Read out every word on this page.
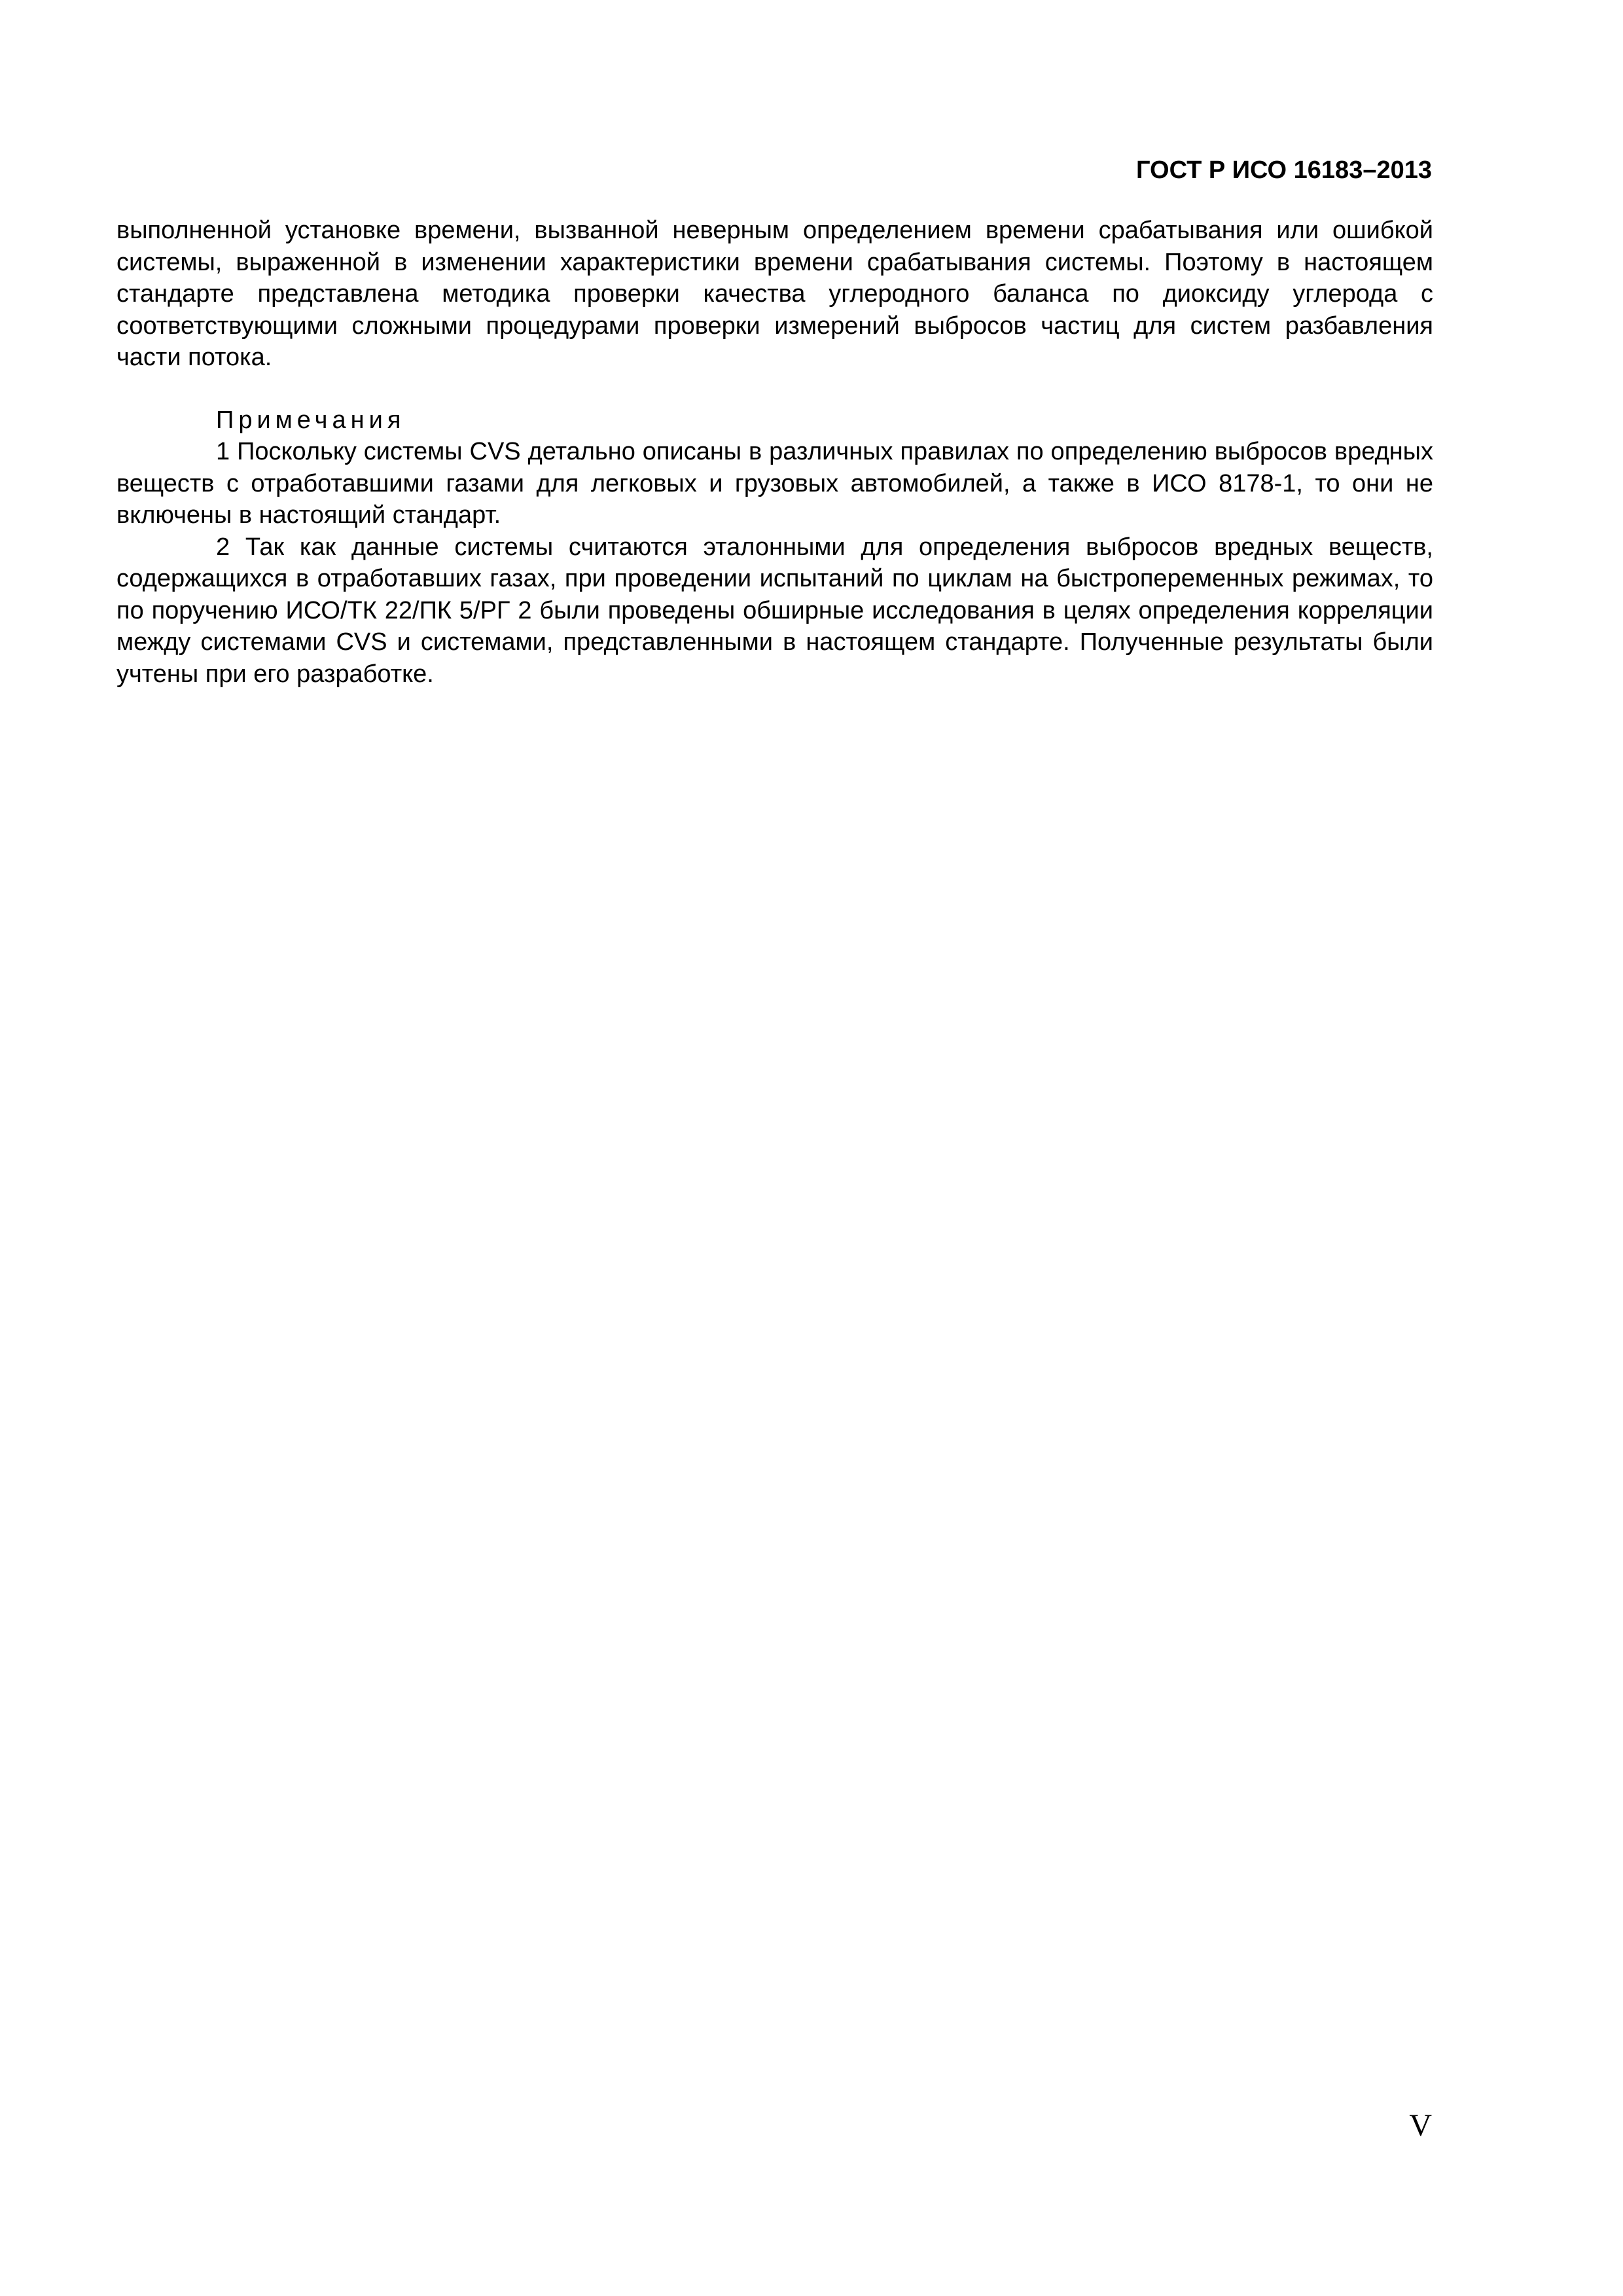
ГОСТ Р ИСО 16183–2013

выполненной установке времени, вызванной неверным определением времени срабатывания или ошибкой системы, выраженной в изменении характеристики времени срабатывания системы. Поэтому в настоящем стандарте представлена методика проверки качества углеродного баланса по диоксиду углерода с соответствующими сложными процедурами проверки измерений выбросов частиц для систем разбавления части потока.

Примечания

1 Поскольку системы CVS детально описаны в различных правилах по определению выбросов вредных веществ с отработавшими газами для легковых и грузовых автомобилей, а также в ИСО 8178-1, то они не включены в настоящий стандарт.

2 Так как данные системы считаются эталонными для определения выбросов вредных веществ, содержащихся в отработавших газах, при проведении испытаний по циклам на быстропеременных режимах, то по поручению ИСО/ТК 22/ПК 5/РГ 2 были проведены обширные исследования в целях определения корреляции между системами CVS и системами, представленными в настоящем стандарте. Полученные результаты были учтены при его разработке.

V
